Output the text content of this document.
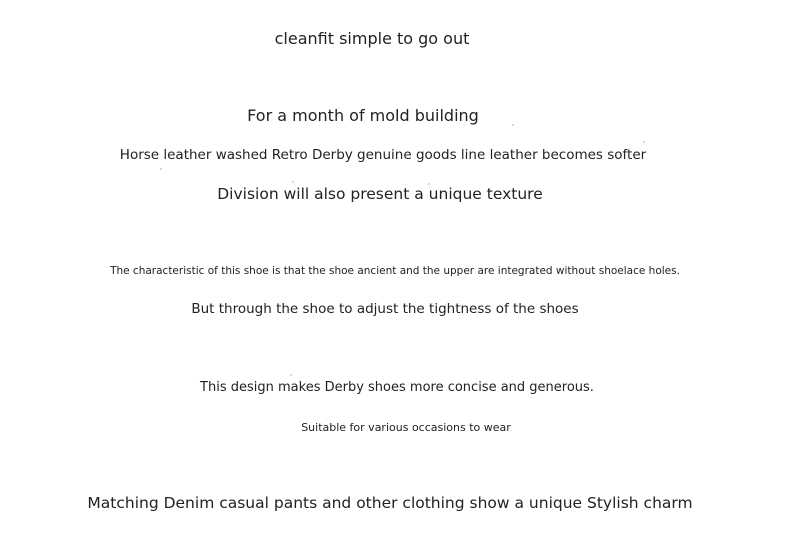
cleanfit simple to go out
For a month of mold building
Horse leather washed Retro Derby genuine goods line leather becomes softer
Division will also present a unique texture
The characteristic of this shoe is that the shoe ancient and the upper are integrated without shoelace holes.
But through the shoe to adjust the tightness of the shoes
This design makes Derby shoes more concise and generous.
Suitable for various occasions to wear
Matching Denim casual pants and other clothing show a unique Stylish charm
